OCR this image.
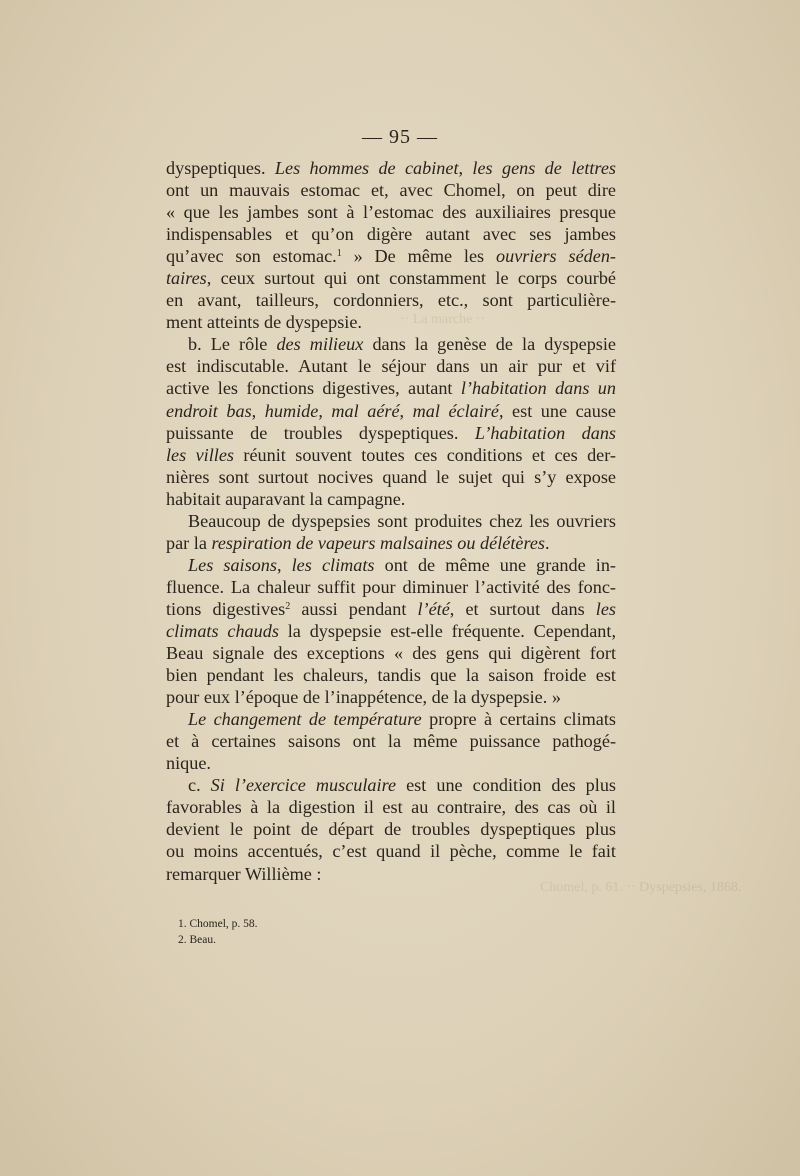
·· La marche ··
Chomel, p. 61. ·· Dyspepsies, 1868.
— 95 —
dyspeptiques. Les hommes de cabinet, les gens de lettres
ont un mauvais estomac et, avec Chomel, on peut dire
« que les jambes sont à l’estomac des auxiliaires presque
indispensables et qu’on digère autant avec ses jambes
qu’avec son estomac.$^1$ » De même les ouvriers séden-
taires, ceux surtout qui ont constamment le corps courbé
en avant, tailleurs, cordonniers, etc., sont particulière-
ment atteints de dyspepsie.
b. Le rôle des milieux dans la genèse de la dyspepsie
est indiscutable. Autant le séjour dans un air pur et vif
active les fonctions digestives, autant l’habitation dans un
endroit bas, humide, mal aéré, mal éclairé, est une cause
puissante de troubles dyspeptiques. L’habitation dans
les villes réunit souvent toutes ces conditions et ces der-
nières sont surtout nocives quand le sujet qui s’y expose
habitait auparavant la campagne.
Beaucoup de dyspepsies sont produites chez les ouvriers
par la respiration de vapeurs malsaines ou délétères.
Les saisons, les climats ont de même une grande in-
fluence. La chaleur suffit pour diminuer l’activité des fonc-
tions digestives$^2$ aussi pendant l’été, et surtout dans les
climats chauds la dyspepsie est-elle fréquente. Cependant,
Beau signale des exceptions « des gens qui digèrent fort
bien pendant les chaleurs, tandis que la saison froide est
pour eux l’époque de l’inappétence, de la dyspepsie. »
Le changement de température propre à certains climats
et à certaines saisons ont la même puissance pathogé-
nique.
c. Si l’exercice musculaire est une condition des plus
favorables à la digestion il est au contraire, des cas où il
devient le point de départ de troubles dyspeptiques plus
ou moins accentués, c’est quand il pèche, comme le fait
remarquer Willième :
1. Chomel, p. 58.
2. Beau.
